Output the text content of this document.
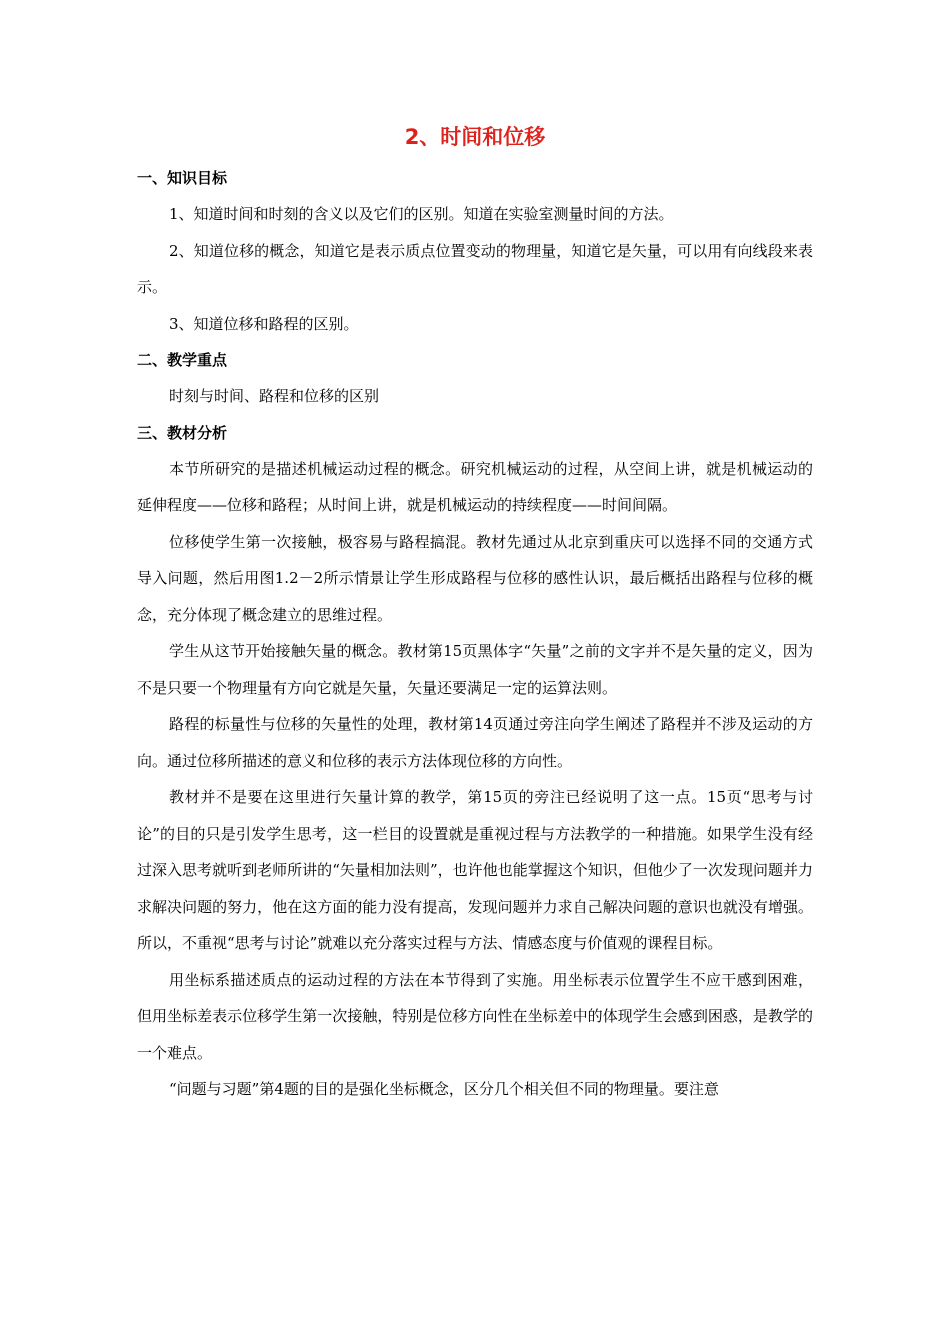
2、时间和位移
一、知识目标

1、知道时间和时刻的含义以及它们的区别。知道在实验室测量时间的方法。

2、知道位移的概念，知道它是表示质点位置变动的物理量，知道它是矢量，可以用有向线段来表示。

3、知道位移和路程的区别。

二、教学重点

时刻与时间、路程和位移的区别

三、教材分析

本节所研究的是描述机械运动过程的概念。研究机械运动的过程，从空间上讲，就是机械运动的延伸程度——位移和路程；从时间上讲，就是机械运动的持续程度——时间间隔。

位移使学生第一次接触，极容易与路程搞混。教材先通过从北京到重庆可以选择不同的交通方式导入问题，然后用图1.2－2所示情景让学生形成路程与位移的感性认识，最后概括出路程与位移的概念，充分体现了概念建立的思维过程。

学生从这节开始接触矢量的概念。教材第15页黑体字“矢量”之前的文字并不是矢量的定义，因为不是只要一个物理量有方向它就是矢量，矢量还要满足一定的运算法则。

路程的标量性与位移的矢量性的处理，教材第14页通过旁注向学生阐述了路程并不涉及运动的方向。通过位移所描述的意义和位移的表示方法体现位移的方向性。

教材并不是要在这里进行矢量计算的教学，第15页的旁注已经说明了这一点。15页“思考与讨论”的目的只是引发学生思考，这一栏目的设置就是重视过程与方法教学的一种措施。如果学生没有经过深入思考就听到老师所讲的“矢量相加法则”，也许他也能掌握这个知识，但他少了一次发现问题并力求解决问题的努力，他在这方面的能力没有提高，发现问题并力求自己解决问题的意识也就没有增强。所以，不重视“思考与讨论”就难以充分落实过程与方法、情感态度与价值观的课程目标。

用坐标系描述质点的运动过程的方法在本节得到了实施。用坐标表示位置学生不应干感到困难，但用坐标差表示位移学生第一次接触，特别是位移方向性在坐标差中的体现学生会感到困惑，是教学的一个难点。

“问题与习题”第4题的目的是强化坐标概念，区分几个相关但不同的物理量。要注意
